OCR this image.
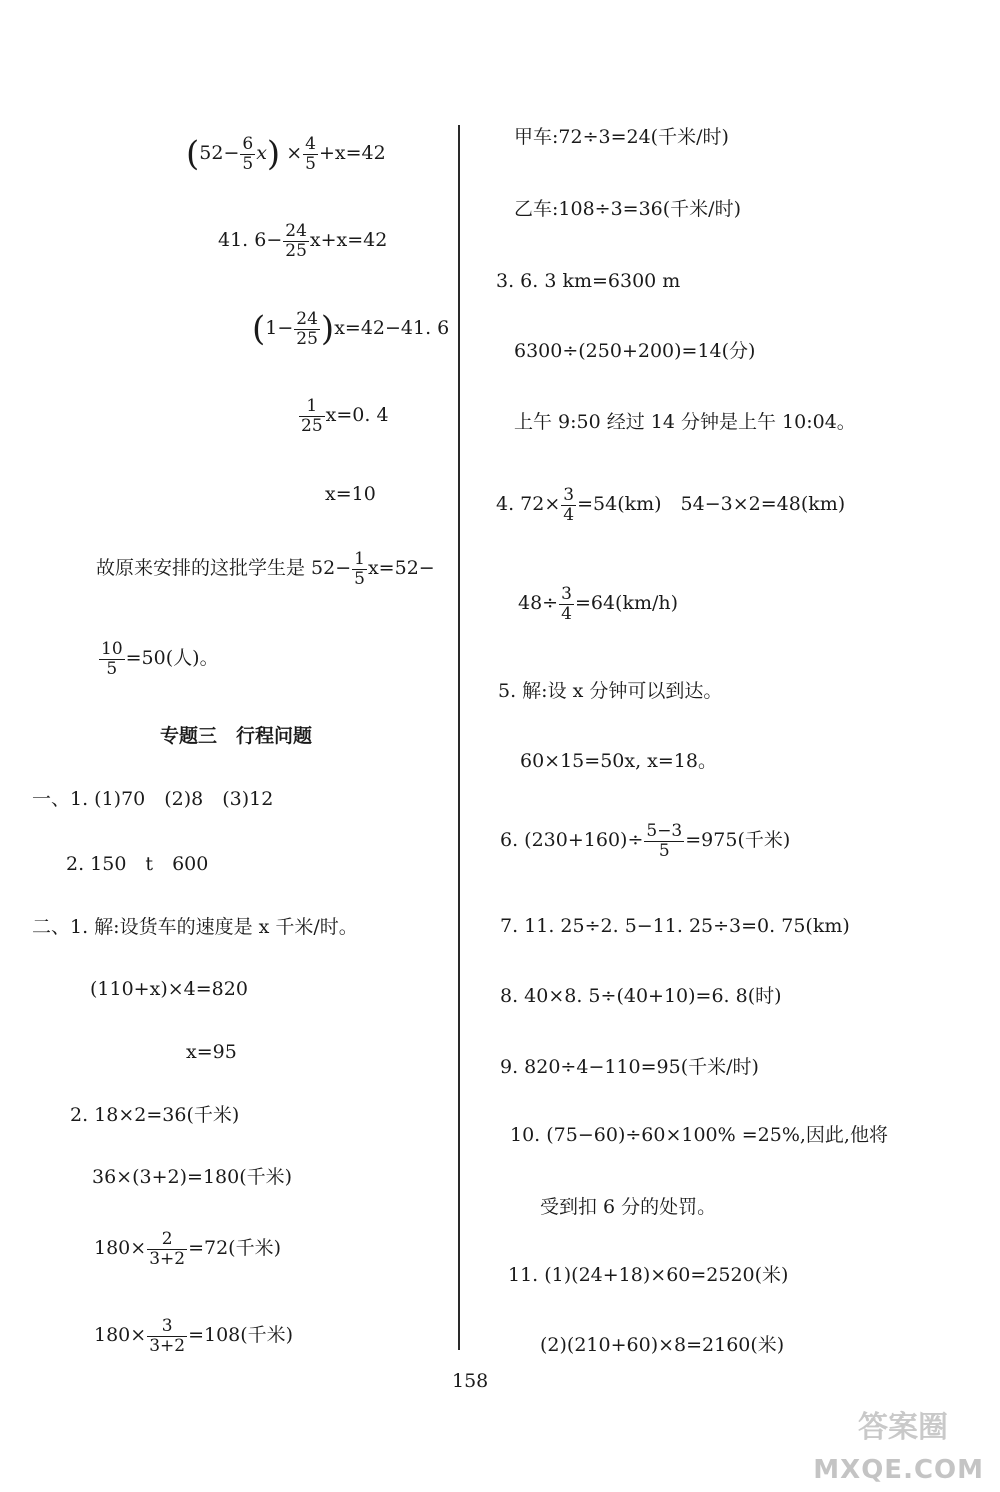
$(52- \frac{6}{5} x) \times \frac{4}{5} +x=42$
41. $6- \frac{24}{25} x+x=42$
$(1- \frac{24}{25} )x=42-41$. 6
$\frac{1}{25} x=0$. 4
x=10
故原来安排的这批学生是 $52- \frac{1}{5} x=52-$
$\frac{10}{5} =50$(人)。
专题三　行程问题
一、1. (1)70　(2)8　(3)12
2. 150　t　600
二、1. 解:设货车的速度是 x 千米/时。
(110+x)×4=820
x=95
2. 18×2=36(千米)
36×(3+2)=180(千米)
$180\times \frac{2}{3+2} =72$(千米)
$180\times \frac{3}{3+2} =108$(千米)
甲车:72÷3=24(千米/时)
乙车:108÷3=36(千米/时)
3. 6. 3 km=6300 m
6300÷(250+200)=14(分)
上午 9:50 经过 14 分钟是上午 10:04。
4. $72\times \frac{3}{4} =54(km)$　54−3×2=48(km)
$48\div \frac{3}{4} =64(km/h)$
5. 解:设 x 分钟可以到达。
60×15=50x, x=18。
6. $(230+160)\div \frac{5-3}{5} =975$(千米)
7. 11. 25÷2. 5−11. 25÷3=0. 75(km)
8. 40×8. 5÷(40+10)=6. 8(时)
9. 820÷4−110=95(千米/时)
10. (75−60)÷60×100% =25%,因此,他将
受到扣 6 分的处罚。
11. (1)(24+18)×60=2520(米)
(2)(210+60)×8=2160(米)
158
答案圈
MXQE.COM
